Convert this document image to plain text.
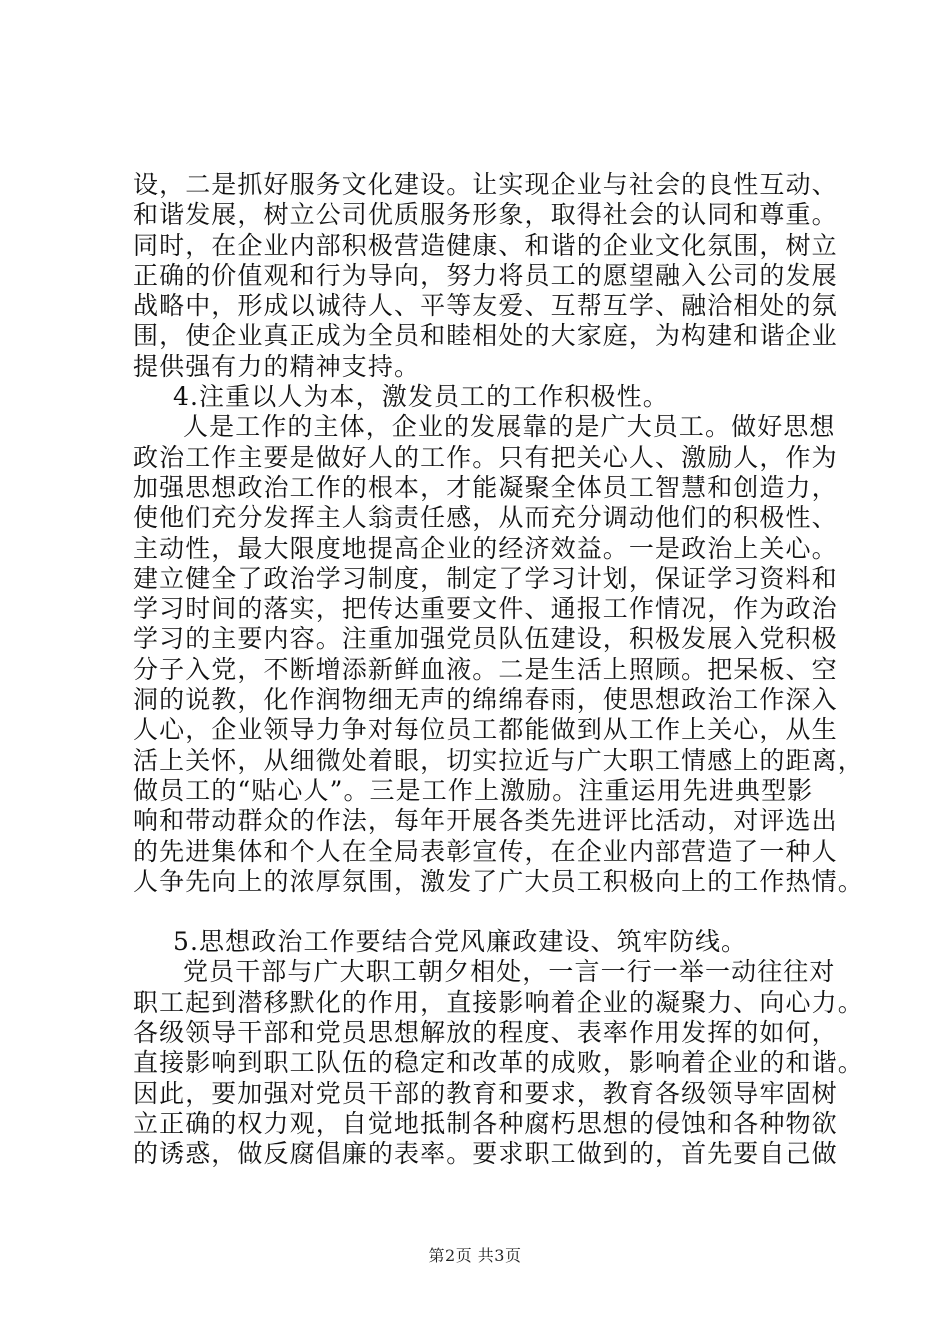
设，二是抓好服务文化建设。让实现企业与社会的良性互动、
和谐发展，树立公司优质服务形象，取得社会的认同和尊重。
同时，在企业内部积极营造健康、和谐的企业文化氛围，树立
正确的价值观和行为导向，努力将员工的愿望融入公司的发展
战略中，形成以诚待人、平等友爱、互帮互学、融洽相处的氛
围，使企业真正成为全员和睦相处的大家庭，为构建和谐企业
提供强有力的精神支持。
4.注重以人为本，激发员工的工作积极性。
人是工作的主体，企业的发展靠的是广大员工。做好思想
政治工作主要是做好人的工作。只有把关心人、激励人，作为
加强思想政治工作的根本，才能凝聚全体员工智慧和创造力，
使他们充分发挥主人翁责任感，从而充分调动他们的积极性、
主动性，最大限度地提高企业的经济效益。一是政治上关心。
建立健全了政治学习制度，制定了学习计划，保证学习资料和
学习时间的落实，把传达重要文件、通报工作情况，作为政治
学习的主要内容。注重加强党员队伍建设，积极发展入党积极
分子入党，不断增添新鲜血液。二是生活上照顾。把呆板、空
洞的说教，化作润物细无声的绵绵春雨，使思想政治工作深入
人心，企业领导力争对每位员工都能做到从工作上关心，从生
活上关怀，从细微处着眼，切实拉近与广大职工情感上的距离，
做员工的“贴心人”。三是工作上激励。注重运用先进典型影
响和带动群众的作法，每年开展各类先进评比活动，对评选出
的先进集体和个人在全局表彰宣传，在企业内部营造了一种人
人争先向上的浓厚氛围，激发了广大员工积极向上的工作热情。
5.思想政治工作要结合党风廉政建设、筑牢防线。
党员干部与广大职工朝夕相处，一言一行一举一动往往对
职工起到潜移默化的作用，直接影响着企业的凝聚力、向心力。
各级领导干部和党员思想解放的程度、表率作用发挥的如何，
直接影响到职工队伍的稳定和改革的成败，影响着企业的和谐。
因此，要加强对党员干部的教育和要求，教育各级领导牢固树
立正确的权力观，自觉地抵制各种腐朽思想的侵蚀和各种物欲
的诱惑，做反腐倡廉的表率。要求职工做到的，首先要自己做
第2页 共3页
